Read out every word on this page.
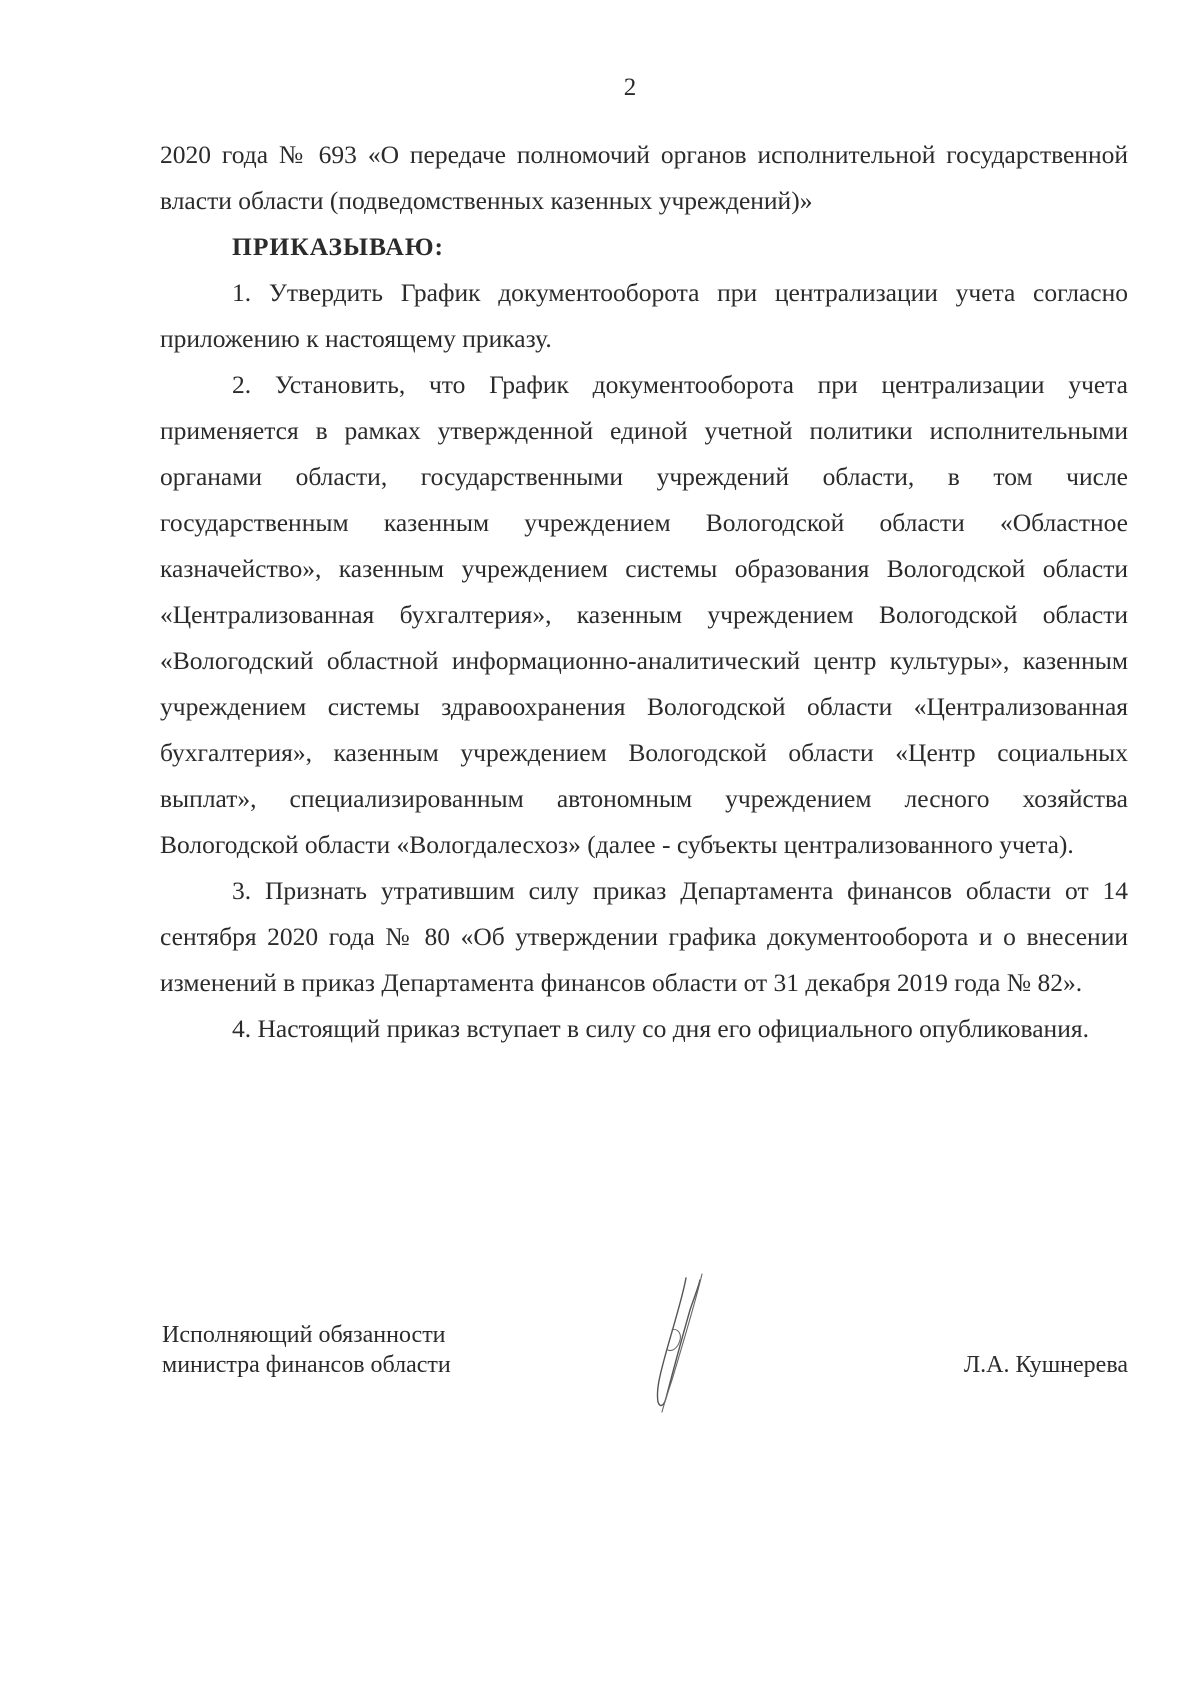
2

2020 года № 693 «О передаче полномочий органов исполнительной государственной власти области (подведомственных казенных учреждений)»

ПРИКАЗЫВАЮ:

1. Утвердить График документооборота при централизации учета согласно приложению к настоящему приказу.

2. Установить, что График документооборота при централизации учета применяется в рамках утвержденной единой учетной политики исполнительными органами области, государственными учреждений области, в том числе государственным казенным учреждением Вологодской области «Областное казначейство», казенным учреждением системы образования Вологодской области «Централизованная бухгалтерия», казенным учреждением Вологодской области «Вологодский областной информационно-аналитический центр культуры», казенным учреждением системы здравоохранения Вологодской области «Централизованная бухгалтерия», казенным учреждением Вологодской области «Центр социальных выплат», специализированным автономным учреждением лесного хозяйства Вологодской области «Вологдалесхоз» (далее - субъекты централизованного учета).

3. Признать утратившим силу приказ Департамента финансов области от 14 сентября 2020 года № 80 «Об утверждении графика документооборота и о внесении изменений в приказ Департамента финансов области от 31 декабря 2019 года № 82».

4. Настоящий приказ вступает в силу со дня его официального опубликования.

Исполняющий обязанности
министра финансов области	Л.А. Кушнерева
